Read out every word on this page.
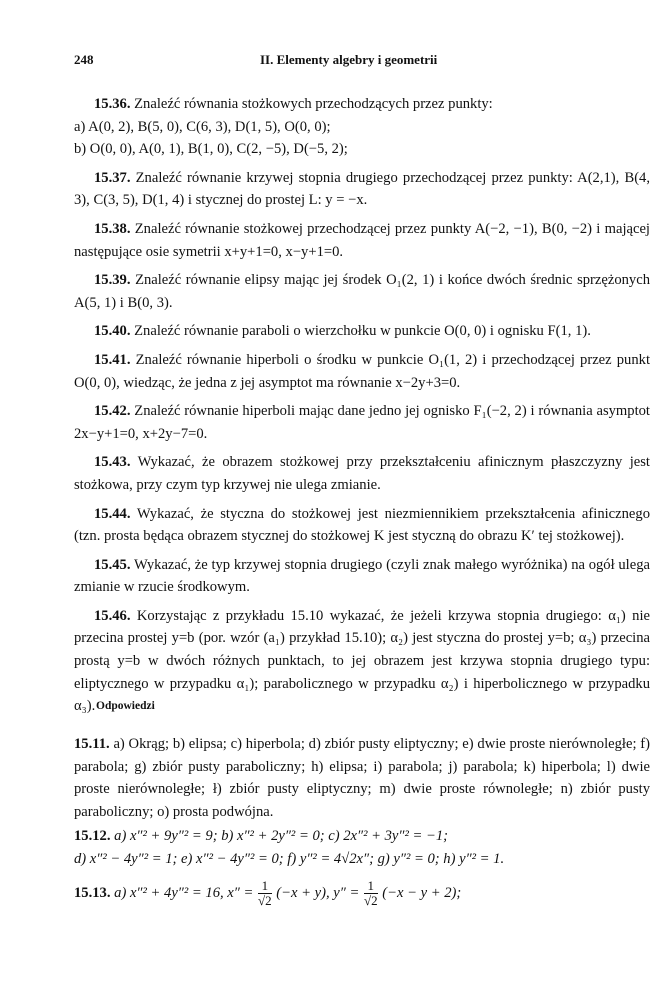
248	II. Elementy algebry i geometrii

15.36. Znaleźć równania stożkowych przechodzących przez punkty:
a) A(0, 2), B(5, 0), C(6, 3), D(1, 5), O(0, 0);
b) O(0, 0), A(0, 1), B(1, 0), C(2, −5), D(−5, 2);

15.37. Znaleźć równanie krzywej stopnia drugiego przechodzącej przez punkty: A(2,1), B(4, 3), C(3, 5), D(1, 4) i stycznej do prostej L: y = −x.

15.38. Znaleźć równanie stożkowej przechodzącej przez punkty A(−2, −1), B(0, −2) i mającej następujące osie symetrii x+y+1=0, x−y+1=0.

15.39. Znaleźć równanie elipsy mając jej środek O₁(2, 1) i końce dwóch średnic sprzężonych A(5, 1) i B(0, 3).

15.40. Znaleźć równanie paraboli o wierzchołku w punkcie O(0, 0) i ognisku F(1, 1).

15.41. Znaleźć równanie hiperboli o środku w punkcie O₁(1, 2) i przechodzącej przez punkt O(0, 0), wiedząc, że jedna z jej asymptot ma równanie x−2y+3=0.

15.42. Znaleźć równanie hiperboli mając dane jedno jej ognisko F₁(−2, 2) i równania asymptot 2x−y+1=0, x+2y−7=0.

15.43. Wykazać, że obrazem stożkowej przy przekształceniu afinicznym płaszczyzny jest stożkowa, przy czym typ krzywej nie ulega zmianie.

15.44. Wykazać, że styczna do stożkowej jest niezmiennikiem przekształcenia afinicznego (tzn. prosta będąca obrazem stycznej do stożkowej K jest styczną do obrazu K′ tej stożkowej).

15.45. Wykazać, że typ krzywej stopnia drugiego (czyli znak małego wyróżnika) na ogół ulega zmianie w rzucie środkowym.

15.46. Korzystając z przykładu 15.10 wykazać, że jeżeli krzywa stopnia drugiego: α₁) nie przecina prostej y=b (por. wzór (a₁) przykład 15.10); α₂) jest styczna do prostej y=b; α₃) przecina prostą y=b w dwóch różnych punktach, to jej obrazem jest krzywa stopnia drugiego typu: eliptycznego w przypadku α₁); parabolicznego w przypadku α₂) i hiperbolicznego w przypadku α₃). Odpowiedzi

15.11. a) Okrąg; b) elipsa; c) hiperbola; d) zbiór pusty eliptyczny; e) dwie proste nierównoległe; f) parabola; g) zbiór pusty paraboliczny; h) elipsa; i) parabola; j) parabola; k) hiperbola; l) dwie proste nierównoległe; ł) zbiór pusty eliptyczny; m) dwie proste równoległe; n) zbiór pusty paraboliczny; o) prosta podwójna.

15.12. a) x″² + 9y″² = 9; b) x″² + 2y″² = 0; c) 2x″² + 3y″² = −1;
d) x″² − 4y″² = 1; e) x″² − 4y″² = 0; f) y″² = 4√2x″; g) y″² = 0; h) y″² = 1.

15.13. a) x″² + 4y″² = 16, $x'' = \frac{1}{√2} (-x + y)$, $y'' = \frac{1}{√2} (-x - y + 2)$;
